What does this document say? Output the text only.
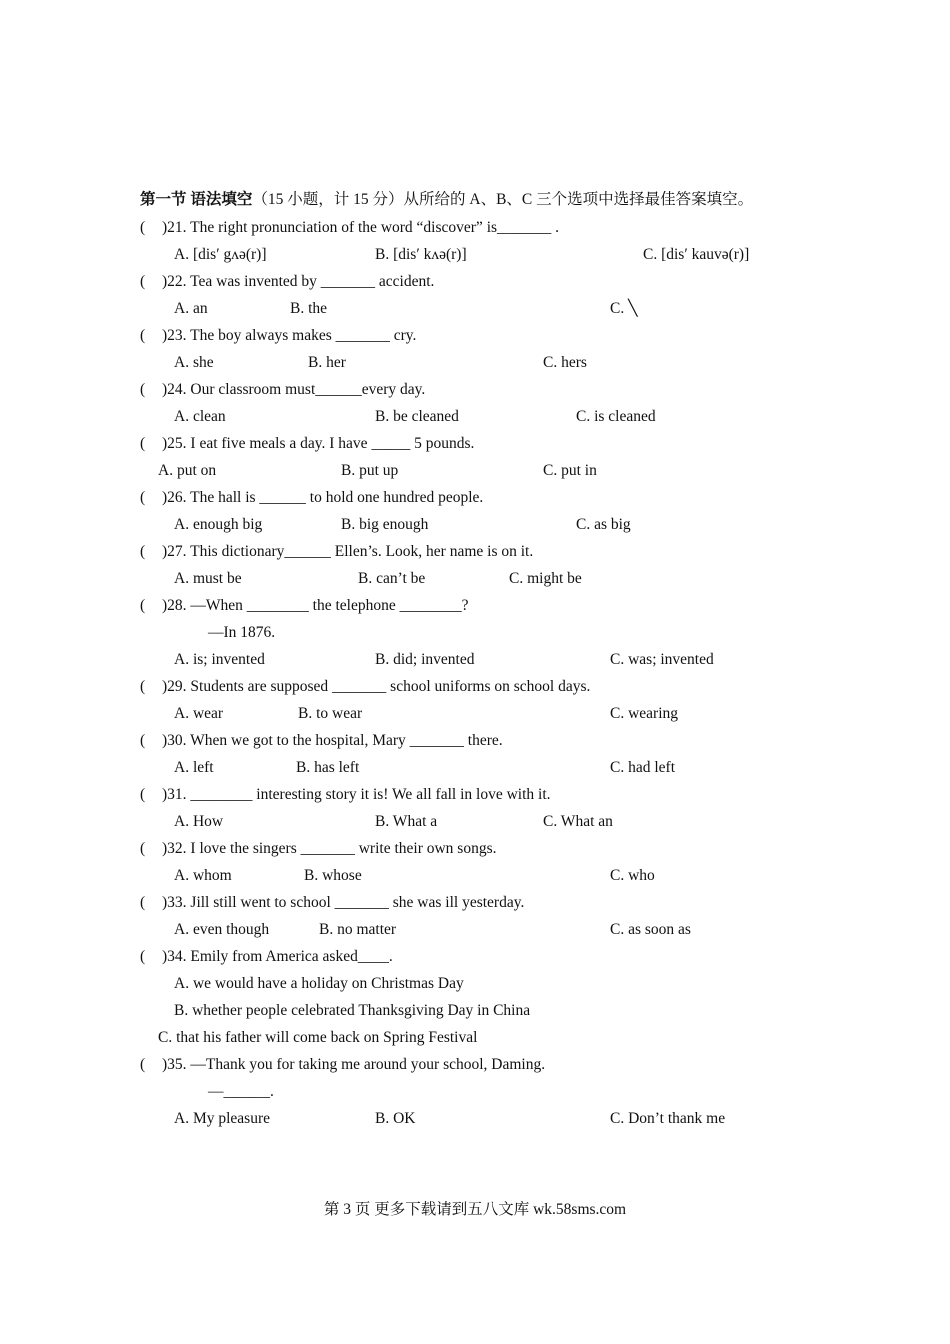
第一节 语法填空（15 小题，计 15 分）从所给的 A、B、C 三个选项中选择最佳答案填空。
( )21. The right pronunciation of the word “discover” is_______ .
A. [dis′ gʌə(r)]	B. [dis′ kʌə(r)]	C. [dis′ kauvə(r)]
( )22. Tea was invented by _______ accident.
A. an	B. the	C. ╲
( )23. The boy always makes _______ cry.
A. she	B. her	C. hers
( )24. Our classroom must______every day.
A. clean	B. be cleaned	C. is cleaned
( )25. I eat five meals a day. I have _____ 5 pounds.
A. put on	B. put up	C. put in
( )26. The hall is ______ to hold one hundred people.
A. enough big	B. big enough	C. as big
( )27. This dictionary______ Ellen’s. Look, her name is on it.
A. must be	B. can’t be	C. might be
( )28. —When ________ the telephone ________?
—In 1876.
A. is; invented	B. did; invented	C. was; invented
( )29. Students are supposed _______ school uniforms on school days.
A. wear	B. to wear	C. wearing
( )30. When we got to the hospital, Mary _______ there.
A. left	B. has left	C. had left
( )31. ________ interesting story it is! We all fall in love with it.
A. How	B. What a	C. What an
( )32. I love the singers _______ write their own songs.
A. whom	B. whose	C. who
( )33. Jill still went to school _______ she was ill yesterday.
A. even though	B. no matter	C. as soon as
( )34. Emily from America asked____.
A. we would have a holiday on Christmas Day
B. whether people celebrated Thanksgiving Day in China
C. that his father will come back on Spring Festival
( )35. —Thank you for taking me around your school, Daming.
—______.
A. My pleasure	B. OK	C. Don’t thank me
第 3 页 更多下载请到五八文库 wk.58sms.com
